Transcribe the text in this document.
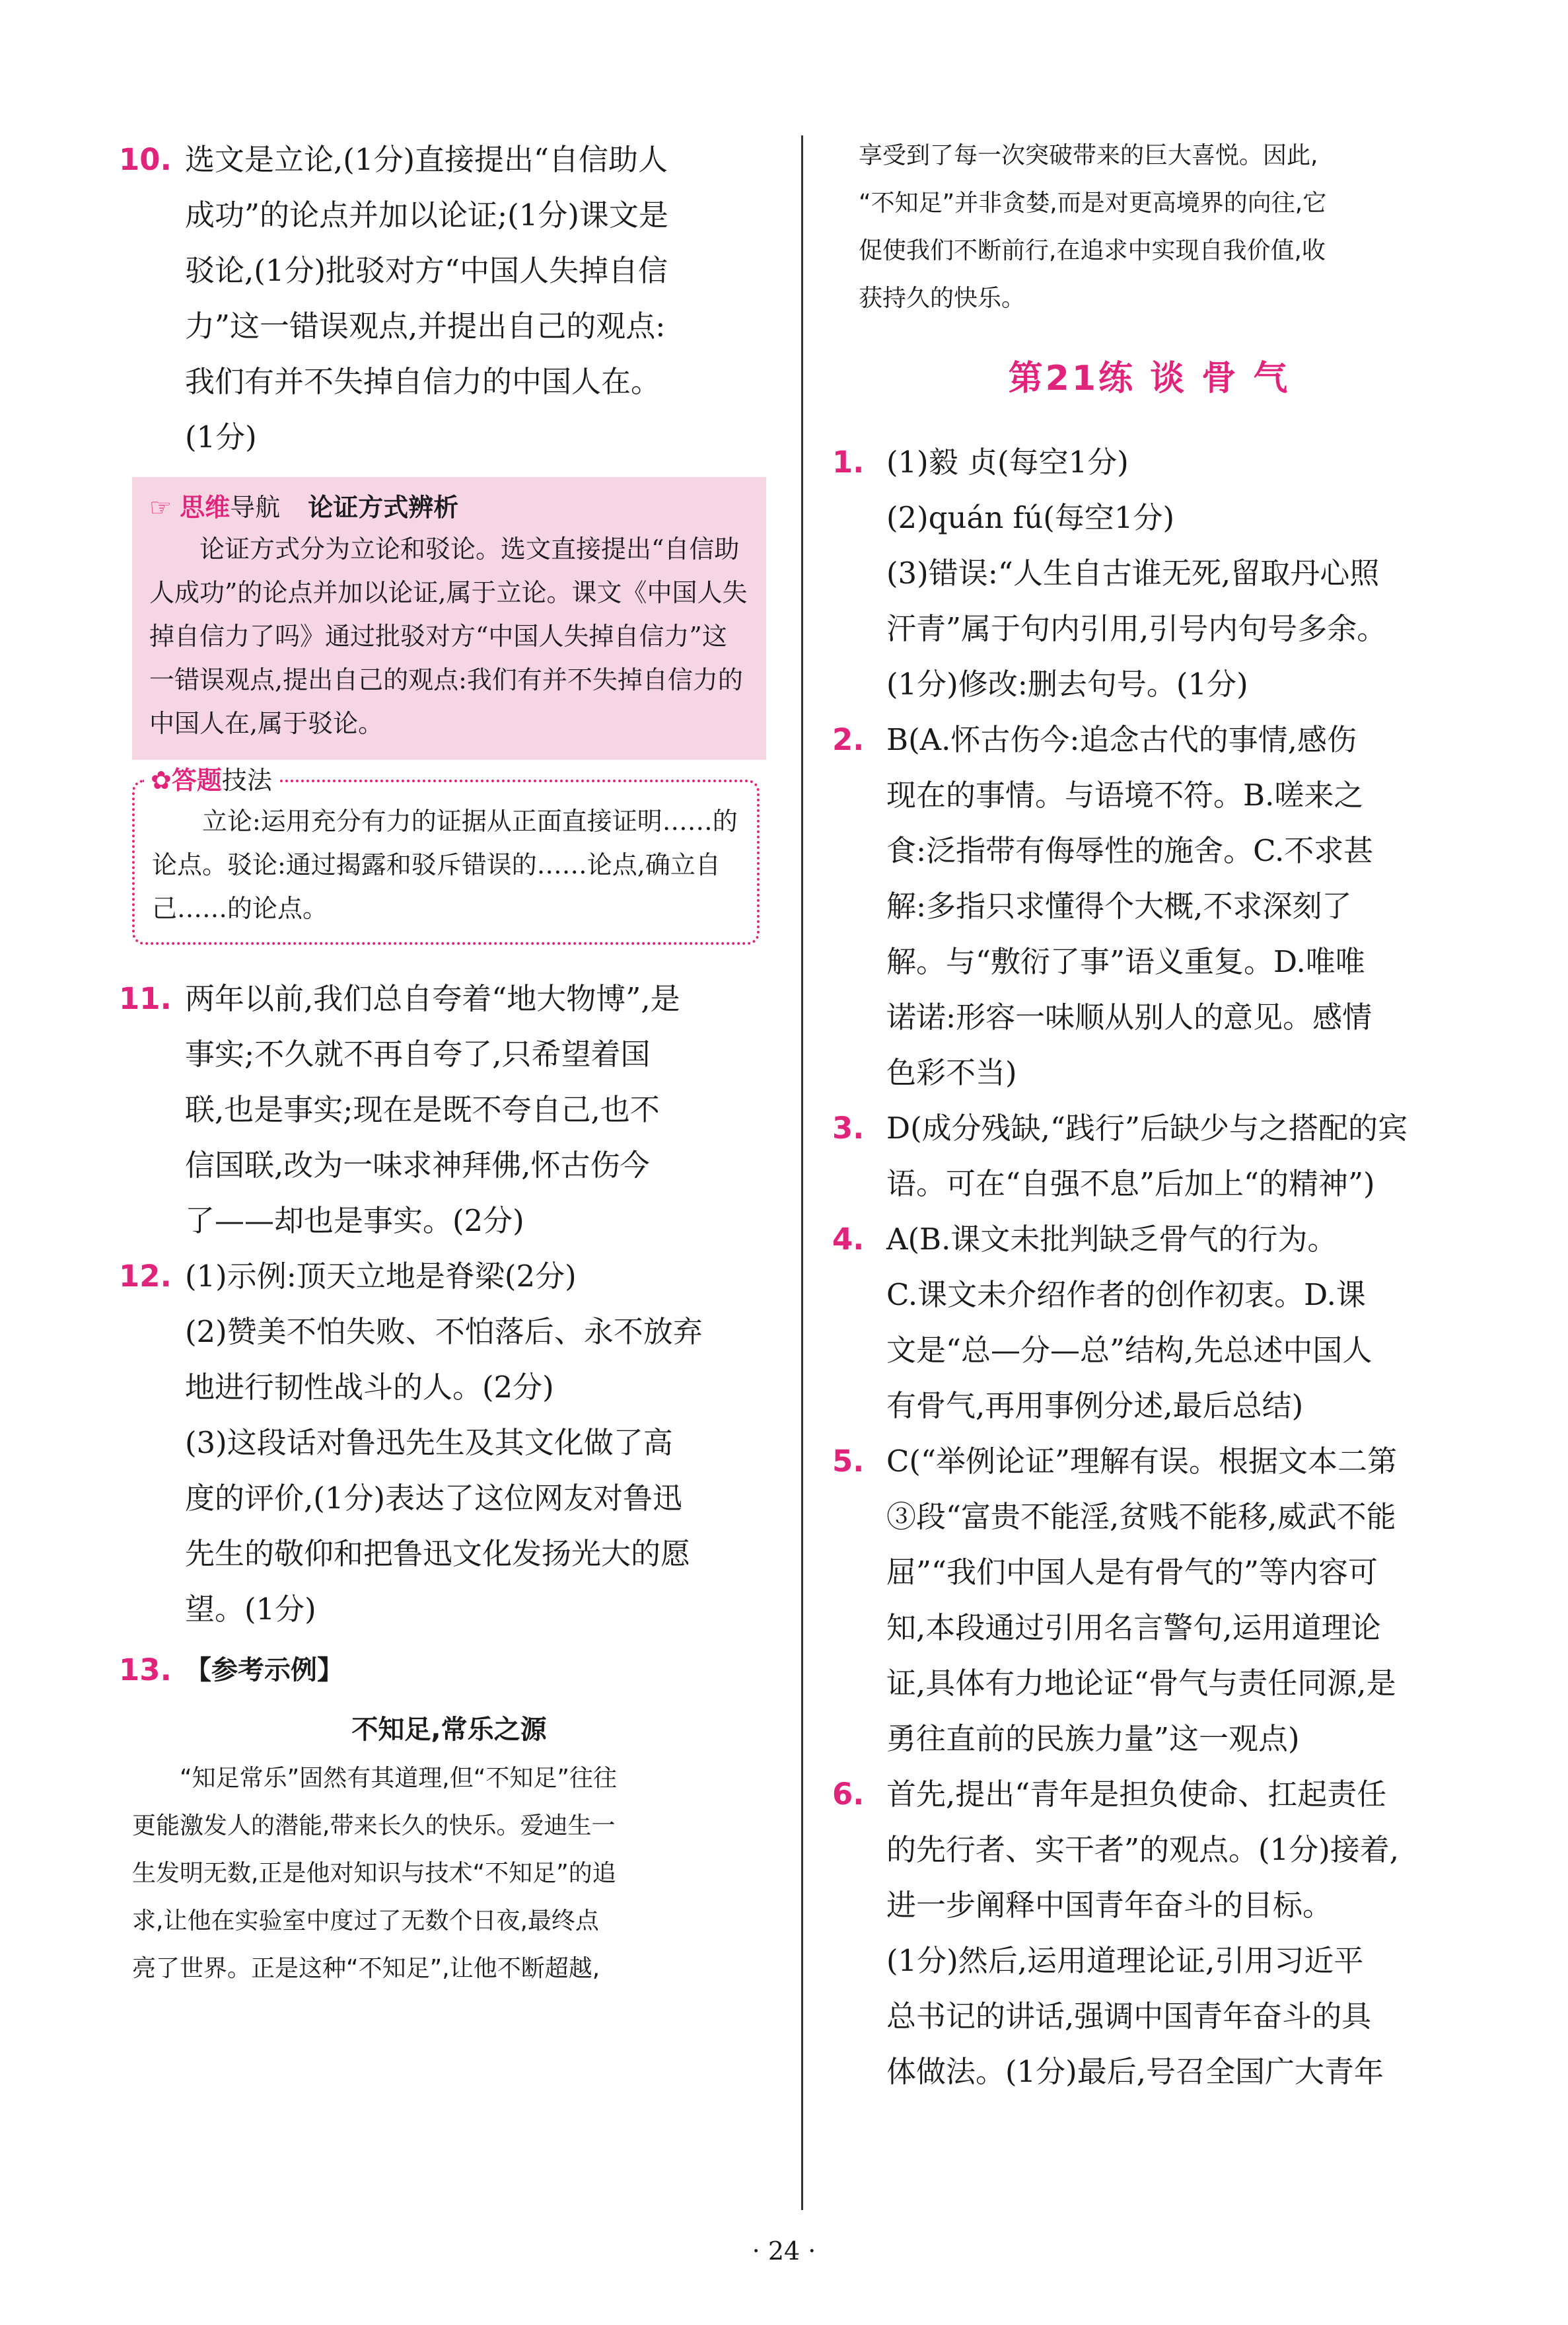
10. 选文是立论,(1分)直接提出“自信助人
成功”的论点并加以论证;(1分)课文是
驳论,(1分)批驳对方“中国人失掉自信
力”这一错误观点,并提出自己的观点:
我们有并不失掉自信力的中国人在。
(1分)
☞ 思维导航 论证方式辨析
论证方式分为立论和驳论。选文直接提出“自信助人成功”的论点并加以论证,属于立论。课文《中国人失掉自信力了吗》通过批驳对方“中国人失掉自信力”这一错误观点,提出自己的观点:我们有并不失掉自信力的中国人在,属于驳论。
✿答题技法
立论:运用充分有力的证据从正面直接证明……的论点。驳论:通过揭露和驳斥错误的……论点,确立自己……的论点。
11. 两年以前,我们总自夸着“地大物博”,是
事实;不久就不再自夸了,只希望着国
联,也是事实;现在是既不夸自己,也不
信国联,改为一味求神拜佛,怀古伤今
了——却也是事实。(2分)
12. (1)示例:顶天立地是脊梁(2分)
(2)赞美不怕失败、不怕落后、永不放弃
地进行韧性战斗的人。(2分)
(3)这段话对鲁迅先生及其文化做了高
度的评价,(1分)表达了这位网友对鲁迅
先生的敬仰和把鲁迅文化发扬光大的愿
望。(1分)
13. 【参考示例】
不知足,常乐之源
“知足常乐”固然有其道理,但“不知足”往往
更能激发人的潜能,带来长久的快乐。爱迪生一
生发明无数,正是他对知识与技术“不知足”的追
求,让他在实验室中度过了无数个日夜,最终点
亮了世界。正是这种“不知足”,让他不断超越,
享受到了每一次突破带来的巨大喜悦。因此,
“不知足”并非贪婪,而是对更高境界的向往,它
促使我们不断前行,在追求中实现自我价值,收
获持久的快乐。
第21练 谈 骨 气
1. (1)毅 贞(每空1分)
(2)quán fú(每空1分)
(3)错误:“人生自古谁无死,留取丹心照
汗青”属于句内引用,引号内句号多余。
(1分)修改:删去句号。(1分)
2. B(A.怀古伤今:追念古代的事情,感伤
现在的事情。与语境不符。B.嗟来之
食:泛指带有侮辱性的施舍。C.不求甚
解:多指只求懂得个大概,不求深刻了
解。与“敷衍了事”语义重复。D.唯唯
诺诺:形容一味顺从别人的意见。感情
色彩不当)
3. D(成分残缺,“践行”后缺少与之搭配的宾
语。可在“自强不息”后加上“的精神”)
4. A(B.课文未批判缺乏骨气的行为。
C.课文未介绍作者的创作初衷。D.课
文是“总—分—总”结构,先总述中国人
有骨气,再用事例分述,最后总结)
5. C(“举例论证”理解有误。根据文本二第
③段“富贵不能淫,贫贱不能移,威武不能
屈”“我们中国人是有骨气的”等内容可
知,本段通过引用名言警句,运用道理论
证,具体有力地论证“骨气与责任同源,是
勇往直前的民族力量”这一观点)
6. 首先,提出“青年是担负使命、扛起责任
的先行者、实干者”的观点。(1分)接着,
进一步阐释中国青年奋斗的目标。
(1分)然后,运用道理论证,引用习近平
总书记的讲话,强调中国青年奋斗的具
体做法。(1分)最后,号召全国广大青年
· 24 ·
